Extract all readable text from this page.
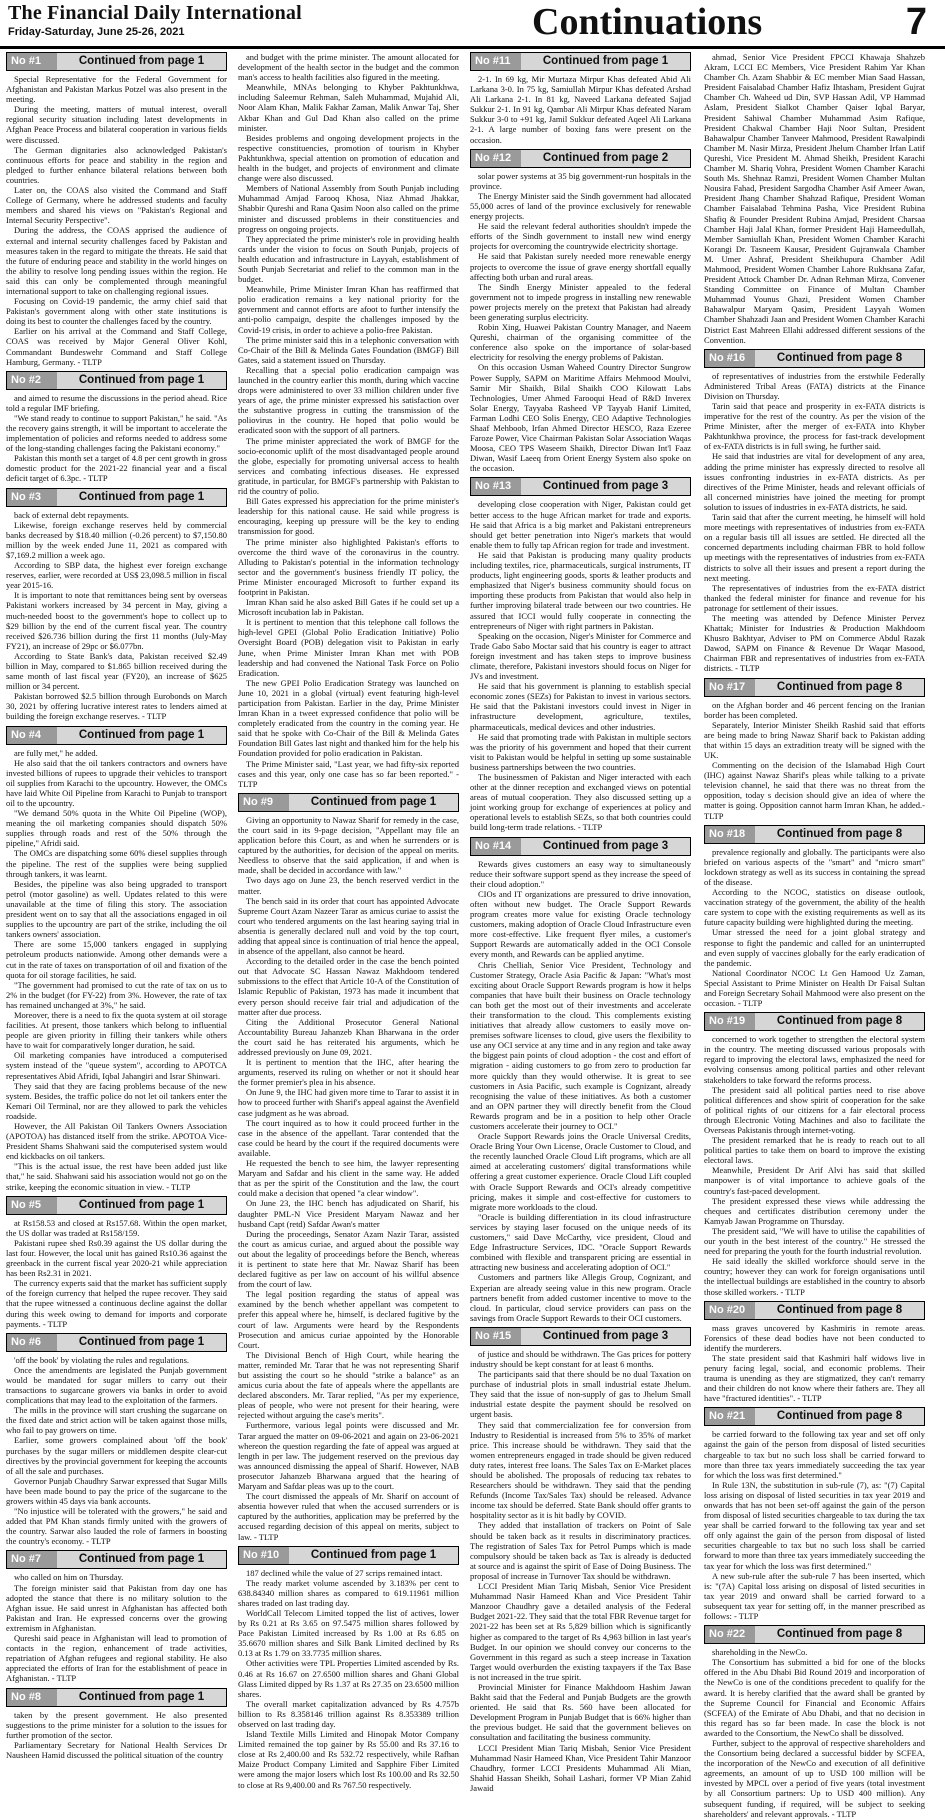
The Financial Daily International
Friday-Saturday, June 25-26, 2021	Continuations	7
No #1	Continued from page 1

Special Representative for the Federal Government for Afghanistan and Pakistan Markus Potzel was also present in the meeting.

During the meeting, matters of mutual interest, overall regional security situation including latest developments in Afghan Peace Process and bilateral cooperation in various fields were discussed.

The German dignitaries also acknowledged Pakistan's continuous efforts for peace and stability in the region and pledged to further enhance bilateral relations between both countries.

Later on, the COAS also visited the Command and Staff College of Germany, where he addressed students and faculty members and shared his views on "Pakistan's Regional and Internal Security Perspective".

During the address, the COAS apprised the audience of external and internal security challenges faced by Pakistan and measures taken in the regard to mitigate the threats. He said that the future of enduring peace and stability in the world hinges on the ability to resolve long pending issues within the region. He said this can only be complemented through meaningful international support to take on challenging regional issues.

Focusing on Covid-19 pandemic, the army chief said that Pakistan's government along with other state institutions is doing its best to counter the challenges faced by the country.

Earlier on his arrival at the Command and Staff College, COAS was received by Major General Oliver Kohl, Commandant Bundeswehr Command and Staff College Hamburg, Germany. - TLTP

No #2	Continued from page 1

and aimed to resume the discussions in the period ahead. Rice told a regular IMF briefing.

"We stand ready to continue to support Pakistan," he said. "As the recovery gains strength, it will be important to accelerate the implementation of policies and reforms needed to address some of the long-standing challenges facing the Pakistani economy."

Pakistan this month set a target of 4.8 per cent growth in gross domestic product for the 2021-22 financial year and a fiscal deficit target of 6.3pc. - TLTP

No #3	Continued from page 1

back of external debt repayments.

Likewise, foreign exchange reserves held by commercial banks decreased by $18.40 million (-0.26 percent) to $7,150.80 million by the week ended June 11, 2021 as compared with $7,169.2 million a week ago.

According to SBP data, the highest ever foreign exchange reserves, earlier, were recorded at US$ 23,098.5 million in fiscal year 2015-16.

It is important to note that remittances being sent by overseas Pakistani workers increased by 34 percent in May, giving a much-needed boost to the government's hope to collect up to $29 billion by the end of the current fiscal year. The country received $26.736 billion during the first 11 months (July-May FY21), an increase of 29pc or $6.077bn.

According to State Bank's data, Pakistan received $2.49 billion in May, compared to $1.865 billion received during the same month of last fiscal year (FY20), an increase of $625 million or 34 percent.

Pakistan borrowed $2.5 billion through Eurobonds on March 30, 2021 by offering lucrative interest rates to lenders aimed at building the foreign exchange reserves. - TLTP

No #4	Continued from page 1

are fully met," he added.

He also said that the oil tankers contractors and owners have invested billions of rupees to upgrade their vehicles to transport oil supplies from Karachi to the upcountry. However, the OMCs have laid White Oil Pipeline from Karachi to Punjab to transport oil to the upcountry.

"We demand 50% quota in the White Oil Pipeline (WOP), meaning the oil marketing companies should dispatch 50% supplies through roads and rest of the 50% through the pipeline," Afridi said.

The OMCs are dispatching some 60% diesel supplies through the pipeline. The rest of the supplies were being supplied through tankers, it was learnt.

Besides, the pipeline was also being upgraded to transport petrol (motor gasoline) as well. Updates related to this were unavailable at the time of filing this story. The association president went on to say that all the associations engaged in oil supplies to the upcountry are part of the strike, including the oil tankers owners' association.

There are some 15,000 tankers engaged in supplying petroleum products nationwide. Among other demands were a cut in the rate of taxes on transportation of oil and fixation of the quota for oil storage facilities, he said.

"The government had promised to cut the rate of tax on us to 2% in the budget (for FY-22) from 3%. However, the rate of tax has remained unchanged at 3%," he said.

Moreover, there is a need to fix the quota system at oil storage facilities. At present, those tankers which belong to influential people are given priority in filling their tankers while others have to wait for comparatively longer duration, he said.

Oil marketing companies have introduced a computerised system instead of the "queue system", according to APOTCA representatives Abid Afridi, Iqbal Jahangiri and Israr Shinwari.

They said that they are facing problems because of the new system. Besides, the traffic police do not let oil tankers enter the Kemari Oil Terminal, nor are they allowed to park the vehicles roadside.

However, the All Pakistan Oil Tankers Owners Association (APOTOA) has distanced itself from the strike. APOTOA Vice-President Shams Shahwani said the computerised system would end kickbacks on oil tankers.

"This is the actual issue, the rest have been added just like that," he said. Shahwani said his association would not go on the strike, keeping the economic situation in view. - TLTP

No #5	Continued from page 1

at Rs158.53 and closed at Rs157.68. Within the open market, the US dollar was traded at Rs158/159.

Pakistani rupee shed Rs0.39 against the US dollar during the last four. However, the local unit has gained Rs10.36 against the greenback in the current fiscal year 2020-21 while appreciation has been Rs2.31 in 2021.

The currency experts said that the market has sufficient supply of the foreign currency that helped the rupee recover. They said that the rupee witnessed a continuous decline against the dollar during this week owing to demand for imports and corporate payments. - TLTP

No #6	Continued from page 1

'off the book' by violating the rules and regulations.

Once the amendments are legislated the Punjab government would be mandated for sugar millers to carry out their transactions to sugarcane growers via banks in order to avoid complications that may lead to the exploitation of the farmers.

The mills in the province will start crushing the sugarcane on the fixed date and strict action will be taken against those mills, who fail to pay growers on time.

Earlier, some growers complained about 'off the book' purchases by the sugar millers or middlemen despite clear-cut directives by the provincial government for keeping the accounts of all the sale and purchases.

Governor Punjab Chaudhry Sarwar expressed that Sugar Mills have been made bound to pay the price of the sugarcane to the growers within 45 days via bank accounts.

"No injustice will be tolerated with the growers," he said and added that PM Khan stands firmly united with the growers of the country. Sarwar also lauded the role of farmers in boosting the country's economy. - TLTP

No #7	Continued from page 1

who called on him on Thursday.

The foreign minister said that Pakistan from day one has adopted the stance that there is no military solution to the Afghan issue. He said unrest in Afghanistan has affected both Pakistan and Iran. He expressed concerns over the growing extremism in Afghanistan.

Qureshi said peace in Afghanistan will lead to promotion of contacts in the region, enhancement of trade activities, repatriation of Afghan refugees and regional stability. He also appreciated the efforts of Iran for the establishment of peace in Afghanistan. - TLTP

No #8	Continued from page 1

taken by the present government. He also presented suggestions to the prime minister for a solution to the issues for further promotion of the sector.

Parliamentary Secretary for National Health Services Dr Nausheen Hamid discussed the political situation of the country

and budget with the prime minister. The amount allocated for development of the health sector in the budget and the common man's access to health facilities also figured in the meeting.

Meanwhile, MNAs belonging to Khyber Pakhtunkhwa, including Saleemur Rehman, Saleh Muhammad, Mujahid Ali, Noor Alam Khan, Malik Fakhar Zaman, Malik Anwar Taj, Sher Akbar Khan and Gul Dad Khan also called on the prime minister.

Besides problems and ongoing development projects in the respective constituencies, promotion of tourism in Khyber Pakhtunkhwa, special attention on promotion of education and health in the budget, and projects of environment and climate change were also discussed.

Members of National Assembly from South Punjab including Muhammad Amjad Farooq Khosa, Niaz Ahmad Jhakkar, Shabbir Qureshi and Rana Qasim Noon also called on the prime minister and discussed problems in their constituencies and progress on ongoing projects.

They appreciated the prime minister's role in providing health cards under the vision to focus on South Punjab, projects of health education and infrastructure in Layyah, establishment of South Punjab Secretariat and relief to the common man in the budget.

Meanwhile, Prime Minister Imran Khan has reaffirmed that polio eradication remains a key national priority for the government and cannot efforts are afoot to further intensify the anti-polio campaign, despite the challenges imposed by the Covid-19 crisis, in order to achieve a polio-free Pakistan.

The prime minister said this in a telephonic conversation with Co-Chair of the Bill & Melinda Gates Foundation (BMGF) Bill Gates, said a statement issued on Thursday.

Recalling that a special polio eradication campaign was launched in the country earlier this month, during which vaccine drops were administered to over 33 million children under five years of age, the prime minister expressed his satisfaction over the substantive progress in cutting the transmission of the poliovirus in the country. He hoped that polio would be eradicated soon with the support of all partners.

The prime minister appreciated the work of BMGF for the socio-economic uplift of the most disadvantaged people around the globe, especially for promoting universal access to health services and combating infectious diseases. He expressed gratitude, in particular, for BMGF's partnership with Pakistan to rid the country of polio.

Bill Gates expressed his appreciation for the prime minister's leadership for this national cause. He said while progress is encouraging, keeping up pressure will be the key to ending transmission for good.

The prime minister also highlighted Pakistan's efforts to overcome the third wave of the coronavirus in the country. Alluding to Pakistan's potential in the information technology sector and the government's business friendly IT policy, the Prime Minister encouraged Microsoft to further expand its footprint in Pakistan.

Imran Khan said he also asked Bill Gates if he could set up a Microsoft incubation lab in Pakistan.

It is pertinent to mention that this telephone call follows the high-level GPEI (Global Polio Eradication Initiative) Polio Oversight Board (POB) delegation visit to Pakistan in early June, when Prime Minister Imran Khan met with POB leadership and had convened the National Task Force on Polio Eradication.

The new GPEI Polio Eradication Strategy was launched on June 10, 2021 in a global (virtual) event featuring high-level participation from Pakistan. Earlier in the day, Prime Minister Imran Khan in a tweet expressed confidence that polio will be completely eradicated from the country in the coming year. He said that he spoke with Co-Chair of the Bill & Melinda Gates Foundation Bill Gates last night and thanked him for the help his Foundation provided for polio eradication in Pakistan.

The Prime Minister said, "Last year, we had fifty-six reported cases and this year, only one case has so far been reported." - TLTP

No #9	Continued from page 1

Giving an opportunity to Nawaz Sharif for remedy in the case, the court said in its 9-page decision, "Appellant may file an application before this Court, as and when he surrenders or is captured by the authorities, for decision of the appeal on merits. Needless to observe that the said application, if and when is made, shall be decided in accordance with law."

Two days ago on June 23, the bench reserved verdict in the matter.

The bench said in its order that court has appointed Advocate Supreme Court Azam Nazeer Tarar as amicus curiae to assist the court who tendered arguments on the last hearing saying trial in absentia is generally declared null and void by the top court, adding that appeal since is continuation of trial hence the appeal, in absence of the appellant, also cannot be heard.

According to the detailed order in the case the bench pointed out that Advocate SC Hassan Nawaz Makhdoom tendered submissions to the effect that Article 10-A of the Constitution of Islamic Republic of Pakistan, 1973 has made it incumbent that every person should receive fair trial and adjudication of the matter after due process.

Citing the Additional Prosecutor General National Accountability Bureau Jahanzeb Khan Bharwana in the order the court said he has reiterated his arguments, which he addressed previously on June 09, 2021.

It is pertinent to mention that the IHC, after hearing the arguments, reserved its ruling on whether or not it should hear the former premier's plea in his absence.

On June 9, the IHC had given more time to Tarar to assist it in how to proceed further with Sharif's appeal against the Avenfield case judgment as he was abroad.

The court inquired as to how it could proceed further in the case in the absence of the appellant. Tarar contended that the case could be heard by the court if the required documents were available.

He requested the bench to see him, the lawyer representing Maryam and Safdar and his client in the same way. He added that as per the spirit of the Constitution and the law, the court could make a decision that opened "a clear window".

On June 23, the IHC bench has adjudicated on Sharif, his daughter PML-N Vice President Maryam Nawaz and her husband Capt (retd) Safdar Awan's matter

During the proceedings, Senator Azam Nazir Tarar, assisted the court as amicus curiae, and argued about the possible way out about the legality of proceedings before the Bench, whereas it is pertinent to state here that Mr. Nawaz Sharif has been declared fugitive as per law on account of his willful absence from the court of law.

The legal position regarding the status of appeal was examined by the bench whether appellant was competent to prefer this appeal where he, himself, is declared fugitive by the court of law. Arguments were heard by the Respondents Prosecution and amicus curiae appointed by the Honorable Court.

The Divisional Bench of High Court, while hearing the matter, reminded Mr. Tarar that he was not representing Sharif but assisting the court so he should "strike a balance" as an amicus curia about the fate of appeals where the appellants are declared absconders. Mr. Tarar replied, "As per my experience, pleas of people, who were not present for their hearing, were rejected without arguing the case's merits".

Furthermore, various legal points were discussed and Mr. Tarar argued the matter on 09-06-2021 and again on 23-06-2021 whereon the question regarding the fate of appeal was argued at length in per law. The judgement reserved on the previous day was announced dismissing the appeal of Sharif. However, NAB prosecutor Jahanzeb Bharwana argued that the hearing of Maryam and Safdar pleas was up to the court.

The court dismissed the appeals of Mr. Sharif on account of absentia however ruled that when the accused surrenders or is captured by the authorities, application may be preferred by the accused regarding decision of this appeal on merits, subject to law. - TLTP

No #10	Continued from page 1

187 declined while the value of 27 scrips remained intact.

The ready market volume ascended by 3.183% per cent to 638.84340 million shares as compared to 619.11961 million shares traded on last trading day.

WorldCall Telecom Limited topped the list of actives, lower by Rs 0.21 at Rs 3.65 on 97.5475 million shares followed by Pace Pakistan Limited increased by Rs 1.00 at Rs 6.85 on 35.6670 million shares and Silk Bank Limited declined by Rs 0.13 at Rs 1.79 on 33.7735 million shares.

Other activities were TPL Properties Limited ascended by Rs. 0.46 at Rs 16.67 on 27.6500 million shares and Ghani Global Glass Limited dipped by Rs 1.37 at Rs 27.35 on 23.6500 million shares.

The overall market capitalization advanced by Rs 4.757b billion to Rs 8.358146 trillion against Rs 8.353389 trillion observed on last trading day.

Island Textile Mills Limited and Hinopak Motor Company Limited remained the top gainer by Rs 55.00 and Rs 37.16 to close at Rs 2,400.00 and Rs 532.72 respectively, while Rafhan Maize Product Company Limited and Sapphire Fiber Limited were among the major losers which lost Rs 100.00 and Rs 32.50 to close at Rs 9,400.00 and Rs 767.50 respectively.

No #11	Continued from page 1

2-1. In 69 kg, Mir Murtaza Mirpur Khas defeated Abid Ali Larkana 3-0. In 75 kg, Samiullah Mirpur Khas defeated Arshad Ali Larkana 2-1. In 81 kg, Naveed Larkana defeated Sajjad Sukkur 2-1. In 91 kg, Qambar Ali Mirpur Khas defeated Naram Sukkur 3-0 to +91 kg, Jamil Sukkur defeated Aqeel Ali Larkana 2-1. A large number of boxing fans were present on the occasion.

No #12	Continued from page 2

solar power systems at 35 big government-run hospitals in the province.

The Energy Minister said the Sindh government had allocated 55,000 acres of land of the province exclusively for renewable energy projects.

He said the relevant federal authorities shouldn't impede the efforts of the Sindh government to install new wind energy projects for overcoming the countrywide electricity shortage.

He said that Pakistan surely needed more renewable energy projects to overcome the issue of grave energy shortfall equally affecting both urban and rural areas.

The Sindh Energy Minister appealed to the federal government not to impede progress in installing new renewable power projects merely on the pretext that Pakistan had already been generating surplus electricity.

Robin Xing, Huawei Pakistan Country Manager, and Naeem Qureshi, chairman of the organising committee of the conference also spoke on the importance of solar-based electricity for resolving the energy problems of Pakistan.

On this occasion Usman Waheed Country Director Sungrow Power Supply, SAPM on Maritime Affairs Mehmood Moulvi, Samir Mir Shaikh, Bilal Shaikh COO Kilowatt Labs Technologies, Umer Ahmed Farooqui Head of R&D Inverex Solar Energy, Tayyaba Rasheed VP Tayyab Hanif Limited, Farman Lodhi CEO Solis Energy, CEO Adaptive Technologies Shaaf Mehboob, Irfan Ahmed Director HESCO, Raza Ezeree Faroze Power, Vice Chairman Pakistan Solar Association Waqas Moosa, CEO TPS Waseem Shaikh, Director Diwan Int'l Faaz Diwan, Wasif Laeeq from Orient Energy System also spoke on the occasion.

No #13	Continued from page 3

developing close cooperation with Niger, Pakistan could get better access to the huge African market for trade and exports. He said that Africa is a big market and Pakistani entrepreneurs should get better penetration into Niger's markets that would enable them to fully tap African region for trade and investment.

He said that Pakistan is producing many quality products including textiles, rice, pharmaceuticals, surgical instruments, IT products, light engineering goods, sports & leather products and emphasized that Niger's business community should focus on importing these products from Pakistan that would also help in further improving bilateral trade between our two countries. He assured that ICCI would fully cooperate in connecting the entrepreneurs of Niger with right partners in Pakistan.

Speaking on the occasion, Niger's Minister for Commerce and Trade Gabo Sabo Moctar said that his country is eager to attract foreign investment and has taken steps to improve business climate, therefore, Pakistani investors should focus on Niger for JVs and investment.

He said that his government is planning to establish special economic zones (SEZs) for Pakistan to invest in various sectors. He said that the Pakistani investors could invest in Niger in infrastructure development, agriculture, textiles, pharmaceuticals, medical devices and other industries.

He said that promoting trade with Pakistan in multiple sectors was the priority of his government and hoped that their current visit to Pakistan would be helpful in setting up some sustainable business partnerships between the two countries.

The businessmen of Pakistan and Niger interacted with each other at the dinner reception and exchanged views on potential areas of mutual cooperation. They also discussed setting up a joint working group for exchange of experiences at policy and operational levels to establish SEZs, so that both countries could build long-term trade relations. - TLTP

No #14	Continued from page 3

Rewards gives customers an easy way to simultaneously reduce their software support spend as they increase the speed of their cloud adoption."

CIOs and IT organizations are pressured to drive innovation, often without new budget. The Oracle Support Rewards program creates more value for existing Oracle technology customers, making adoption of Oracle Cloud Infrastructure even more cost-effective. Like frequent flyer miles, a customer's Support Rewards are automatically added in the OCI Console every month, and Rewards can be applied anytime.

Chris Chelliah, Senior Vice President, Technology and Customer Strategy, Oracle Asia Pacific & Japan: "What's most exciting about Oracle Support Rewards program is how it helps companies that have built their business on Oracle technology can both get the most out of their investments and accelerate their transformation to the cloud. This complements existing initiatives that already allow customers to easily move on-premises software licenses to cloud, give users the flexibility to use any OCI service at any time and in any region and take away the biggest pain points of cloud adoption - the cost and effort of migration - aiding customers to go from zero to production far more quickly than they would otherwise. It is great to see customers in Asia Pacific, such example is Cognizant, already recognising the value of these initiatives. As both a customer and an OPN partner they will directly benefit from the Cloud Rewards program and be in a position to help other Oracle customers accelerate their journey to OCI."

Oracle Support Rewards joins the Oracle Universal Credits, Oracle Bring Your Own License, Oracle Customer to Cloud, and the recently launched Oracle Cloud Lift programs, which are all aimed at accelerating customers' digital transformations while offering a great customer experience. Oracle Cloud Lift coupled with Oracle Support Rewards and OCI's already competitive pricing, makes it simple and cost-effective for customers to migrate more workloads to the cloud.

"Oracle is building differentiation in its cloud infrastructure services by staying laser focused on the unique needs of its customers," said Dave McCarthy, vice president, Cloud and Edge Infrastructure Services, IDC. "Oracle Support Rewards combined with flexible and transparent pricing are essential in attracting new business and accelerating adoption of OCI."

Customers and partners like Allegis Group, Cognizant, and Experian are already seeing value in this new program. Oracle partners benefit from added customer incentive to move to the cloud. In particular, cloud service providers can pass on the savings from Oracle Support Rewards to their OCI customers.

No #15	Continued from page 3

of justice and should be withdrawn. The Gas prices for pottery industry should be kept constant for at least 6 months.

The participants said that there should be no dual Taxation on purchase of industrial plots in small industrial estate Jhelum. They said that the issue of non-supply of gas to Jhelum Small industrial estate despite the payment should be resolved on urgent basis.

They said that commercialization fee for conversion from Industry to Residential is increased from 5% to 35% of market price. This increase should be withdrawn. They said that the women entrepreneurs engaged in trade should be given reduced duty rates, interest free loans. The Sales Tax on E-Market places should be abolished. The proposals of reducing tax rebates to Researchers should be withdrawn. They said that the pending Refunds (Income Tax/Sales Tax) should be released. Advance income tax should be deferred. State Bank should offer grants to hospitality sector as it is hit badly by COVID.

They added that installation of trackers on Point of Sale should be taken back as it results in discriminatory practices. The registration of Sales Tax for Petrol Pumps which is made compulsory should be taken back as Tax is already is deducted at source and is against the spirit of Ease of Doing Business. The proposal of increase in Turnover Tax should be withdrawn.

LCCI President Mian Tariq Misbah, Senior Vice President Muhammad Nasir Hameed Khan and Vice President Tahir Manzoor Chaudhry gave a detailed analysis of the Federal Budget 2021-22. They said that the total FBR Revenue target for 2021-22 has been set at Rs 5,829 billion which is significantly higher as compared to the target of Rs 4,963 billion in last year's Budget. In our opinion we should convey our concerns to the Government in this regard as such a steep increase in Taxation Target would overburden the existing taxpayers if the Tax Base is not increased in the true spirit.

Provincial Minister for Finance Makhdoom Hashim Jawan Bakht said that the Federal and Punjab Budgets are the growth oriented. He said that Rs. 560 have been allocated for Development Program in Punjab Budget that is 66% higher than the previous budget. He said that the government believes on consultation and facilitating the business community.

LCCI President Mian Tariq Misbah, Senior Vice President Muhammad Nasir Hameed Khan, Vice President Tahir Manzoor Chaudhry, former LCCI Presidents Muhammad Ali Mian, Shahid Hassan Sheikh, Sohail Lashari, former VP Mian Zahid Jawaid

ahmad, Senior Vice President FPCCI Khawaja Shahzeb Akram, LCCI EC Members, Vice President Rahim Yar Khan Chamber Ch. Azam Shabbir & EC member Mian Saad Hassan, President Faisalabad Chamber Hafiz Ihtasham, President Gujrat Chamber Ch. Waheed ud Din, SVP Hassan Adil, VP Hammad Aslam, President Sialkot Chamber Qaiser Iqbal Baryar, President Sahiwal Chamber Muhammad Asim Rafique, President Chakwal Chamber Haji Noor Sultan, President Bahawalpur Chamber Tanveer Mahmood, President Rawalpindi Chamber M. Nasir Mirza, President Jhelum Chamber Irfan Latif Qureshi, Vice President M. Ahmad Sheikh, President Karachi Chamber M. Shariq Vohra, President Women Chamber Karachi South Ms. Shehnaz Ramzi, President Women Chamber Multan Nousira Fahad, President Sargodha Chamber Asif Ameer Awan, President Jhang Chamber Shahzad Rafique, President Woman Chamber Faisalabad Tehmina Pasha, Vice President Rubina Shafiq & Founder President Rubina Amjad, President Charsaa Chamber Haji Jalal Khan, former President Haji Hameedullah, Member Samiullah Khan, President Women Chamber Karachi Korangi Dr. Tasneem Kausar, President Gujranwala Chamber M. Umer Ashraf, President Sheikhupura Chamber Adil Mahmood, President Women Chamber Lahore Rukhsana Zafar, President Attock Chamber Dr. Adnan Rehman Mirza, Convener Standing Committee on Finance of Multan Chamber Muhammad Younus Ghazi, President Women Chamber Bahawalpur Maryam Qasim, President Layyah Women Chamber Shahzadi Jaan and President Women Chamber Karachi District East Mahreen Ellahi addressed different sessions of the Convention.

No #16	Continued from page 8

of representatives of industries from the erstwhile Federally Administered Tribal Areas (FATA) districts at the Finance Division on Thursday.

Tarin said that peace and prosperity in ex-FATA districts is imperative for the rest of the country. As per the vision of the Prime Minister, after the merger of ex-FATA into Khyber Pakhtunkhwa province, the process for fast-track development of ex-FATA districts is in full swing, he further said.

He said that industries are vital for development of any area, adding the prime minister has expressly directed to resolve all issues confronting industries in ex-FATA districts. As per directives of the Prime Minister, heads and relevant officials of all concerned ministries have joined the meeting for prompt solution to issues of industries in ex-FATA districts, he said.

Tarin said that after the current meeting, he himself will hold more meetings with representatives of industries from ex-FATA on a regular basis till all issues are settled. He directed all the concerned departments including chairman FBR to hold follow up meetings with the representatives of industries from ex-FATA districts to solve all their issues and present a report during the next meeting.

The representatives of industries from the ex-FATA district thanked the federal minister for finance and revenue for his patronage for settlement of their issues.

The meeting was attended by Defence Minister Pervez Khattak; Minister for Industries & Production Makhdoom Khusro Bakhtyar, Adviser to PM on Commerce Abdul Razak Dawod, SAPM on Finance & Revenue Dr Waqar Masood, Chairman FBR and representatives of industries from ex-FATA districts. - TLTP

No #17	Continued from page 8

on the Afghan border and 46 percent fencing on the Iranian border has been completed.

Separately, Interior Minister Sheikh Rashid said that efforts are being made to bring Nawaz Sharif back to Pakistan adding that within 15 days an extradition treaty will be signed with the UK.

Commenting on the decision of the Islamabad High Court (IHC) against Nawaz Sharif's pleas while talking to a private television channel, he said that there was no threat from the opposition, today s decision should give an idea of where the matter is going. Opposition cannot harm Imran Khan, he added.- TLTP

No #18	Continued from page 8

prevalence regionally and globally. The participants were also briefed on various aspects of the "smart" and "micro smart" lockdown strategy as well as its success in containing the spread of the disease.

According to the NCOC, statistics on disease outlook, vaccination strategy of the government, the ability of the health care system to cope with the existing requirements as well as its future capacity building were highlighted during the meeting.

Umar stressed the need for a joint global strategy and response to fight the pandemic and called for an uninterrupted and even supply of vaccines globally for the early eradication of the pandemic.

National Coordinator NCOC Lt Gen Hamood Uz Zaman, Special Assistant to Prime Minister on Health Dr Faisal Sultan and Foreign Secretary Sohail Mahmood were also present on the occasion. - TLTP

No #19	Continued from page 8

concerned to work together to strengthen the electoral system in the country. The meeting discussed various proposals with regard to improving the electoral laws, emphasized the need for evolving consensus among political parties and other relevant stakeholders to take forward the reforms process.

The president said all political parties need to rise above political differences and show spirit of cooperation for the sake of political rights of our citizens for a fair electoral process through Electronic Voting Machines and also to facilitate the Overseas Pakistanis through internet-voting.

The president remarked that he is ready to reach out to all political parties to take them on board to improve the existing electoral laws.

Meanwhile, President Dr Arif Alvi has said that skilled manpower is of vital importance to achieve goals of the country's fast-paced development.

The president expressed these views while addressing the cheques and certificates distribution ceremony under the Kamyab Jawan Programme on Thursday.

The president said, "We will have to utilise the capabilities of our youth in the best interest of the country." He stressed the need for preparing the youth for the fourth industrial revolution.

He said ideally the skilled workforce should serve in the country; however they can work for foreign organisations until the intellectual buildings are established in the country to absorb those skilled workers. - TLTP

No #20	Continued from page 8

mass graves uncovered by Kashmiris in remote areas. Forensics of these dead bodies have not been conducted to identify the murderers.

The state president said that Kashmiri half widows live in penury facing legal, social, and economic problems. Their trauma is unending as they are stigmatized, they can't remarry and their children do not know where their fathers are. They all have "fractured identities". - TLTP

No #21	Continued from page 8

be carried forward to the following tax year and set off only against the gain of the person from disposal of listed securities chargeable to tax but no such loss shall be carried forward to more than three tax years immediately succeeding the tax year for which the loss was first determined."

In Rule 13N, the substitution in sub-rule (7), as: "(7) Capital loss arising on disposal of listed securities in tax year 2019 and onwards that has not been set-off against the gain of the person from disposal of listed securities chargeable to tax during the tax year shall be carried forward to the following tax year and set off only against the gain of the person from disposal of listed securities chargeable to tax but no such loss shall be carried forward to more than three tax years immediately succeeding the tax year for which the loss was first determined."

A new sub-rule after the sub-rule 7 has been inserted, which is: "(7A) Capital loss arising on disposal of listed securities in tax year 2019 and onward shall be carried forward to a subsequent tax year for setting off, in the manner prescribed as follows: - TLTP

No #22	Continued from page 8

shareholding in the NewCo.

The Consortium has submitted a bid for one of the blocks offered in the Abu Dhabi Bid Round 2019 and incorporation of the NewCo is one of the conditions precedent to qualify for the award. It is hereby clarified that the award shall be granted by the Supreme Council for Financial and Economic Affairs (SCFEA) of the Emirate of Abu Dhabi, and that no decision in this regard has so far been made. In case the block is not awarded to the Consortium, the NewCo shall be dissolved.

Further, subject to the approval of respective shareholders and the Consortium being declared a successful bidder by SCFEA, the incorporation of the NewCo and execution of all definitive agreements, an amount of up to USD 100 million will be invested by MPCL over a period of five years (total investment by all Consortium partners: Up to USD 400 million). Any subsequent funding, if required, will be subject to seeking shareholders' and relevant approvals. - TLTP
